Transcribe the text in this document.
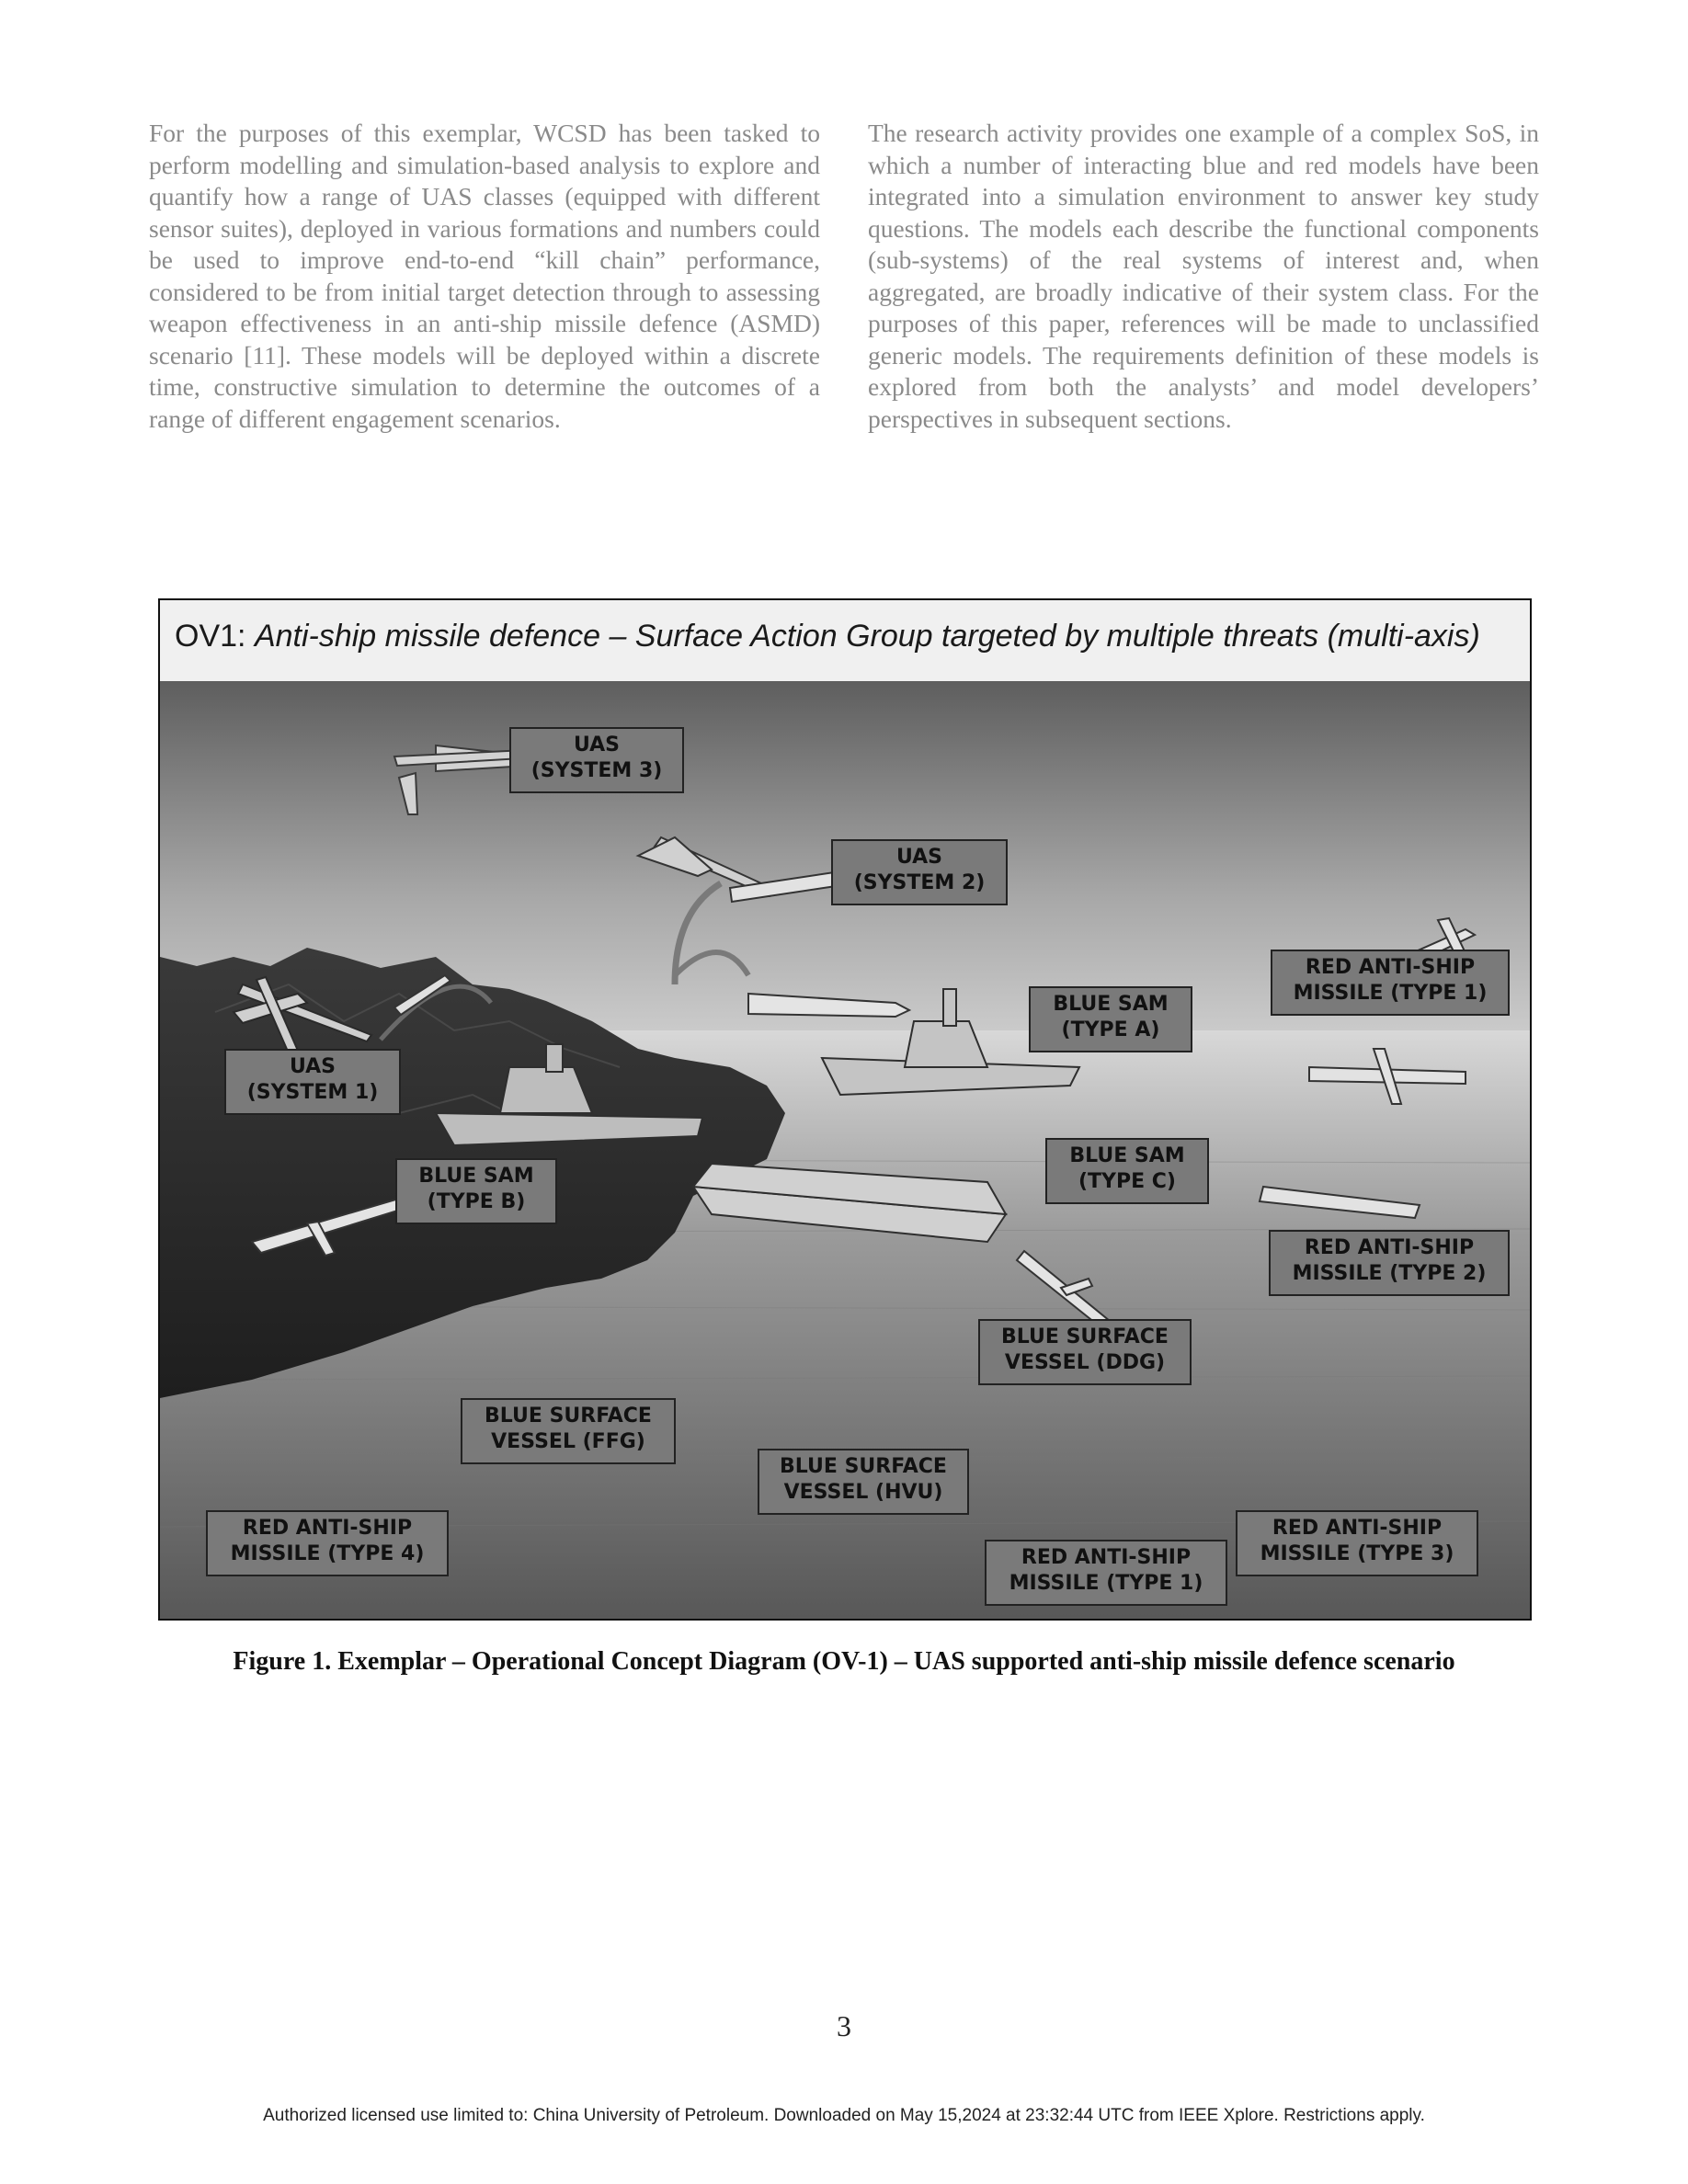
For the purposes of this exemplar, WCSD has been tasked to perform modelling and simulation-based analysis to explore and quantify how a range of UAS classes (equipped with different sensor suites), deployed in various formations and numbers could be used to improve end-to-end “kill chain” performance, considered to be from initial target detection through to assessing weapon effectiveness in an anti-ship missile defence (ASMD) scenario [11]. These models will be deployed within a discrete time, constructive simulation to determine the outcomes of a range of different engagement scenarios.

The research activity provides one example of a complex SoS, in which a number of interacting blue and red models have been integrated into a simulation environment to answer key study questions. The models each describe the functional components (sub-systems) of the real systems of interest and, when aggregated, are broadly indicative of their system class. For the purposes of this paper, references will be made to unclassified generic models. The requirements definition of these models is explored from both the analysts’ and model developers’ perspectives in subsequent sections.

OV1: Anti-ship missile defence – Surface Action Group targeted by multiple threats (multi-axis)
UAS
(SYSTEM 3)
UAS
(SYSTEM 2)
RED ANTI-SHIP
MISSILE (TYPE 1)
BLUE SAM
(TYPE A)
UAS
(SYSTEM 1)
BLUE SAM
(TYPE C)
BLUE SAM
(TYPE B)
RED ANTI-SHIP
MISSILE (TYPE 2)
BLUE SURFACE
VESSEL (DDG)
BLUE SURFACE
VESSEL (FFG)
BLUE SURFACE
VESSEL (HVU)
RED ANTI-SHIP
MISSILE (TYPE 4)
RED ANTI-SHIP
MISSILE (TYPE 3)
RED ANTI-SHIP
MISSILE (TYPE 1)
Figure 1. Exemplar – Operational Concept Diagram (OV-1) – UAS supported anti-ship missile defence scenario
3
Authorized licensed use limited to: China University of Petroleum. Downloaded on May 15,2024 at 23:32:44 UTC from IEEE Xplore. Restrictions apply.
